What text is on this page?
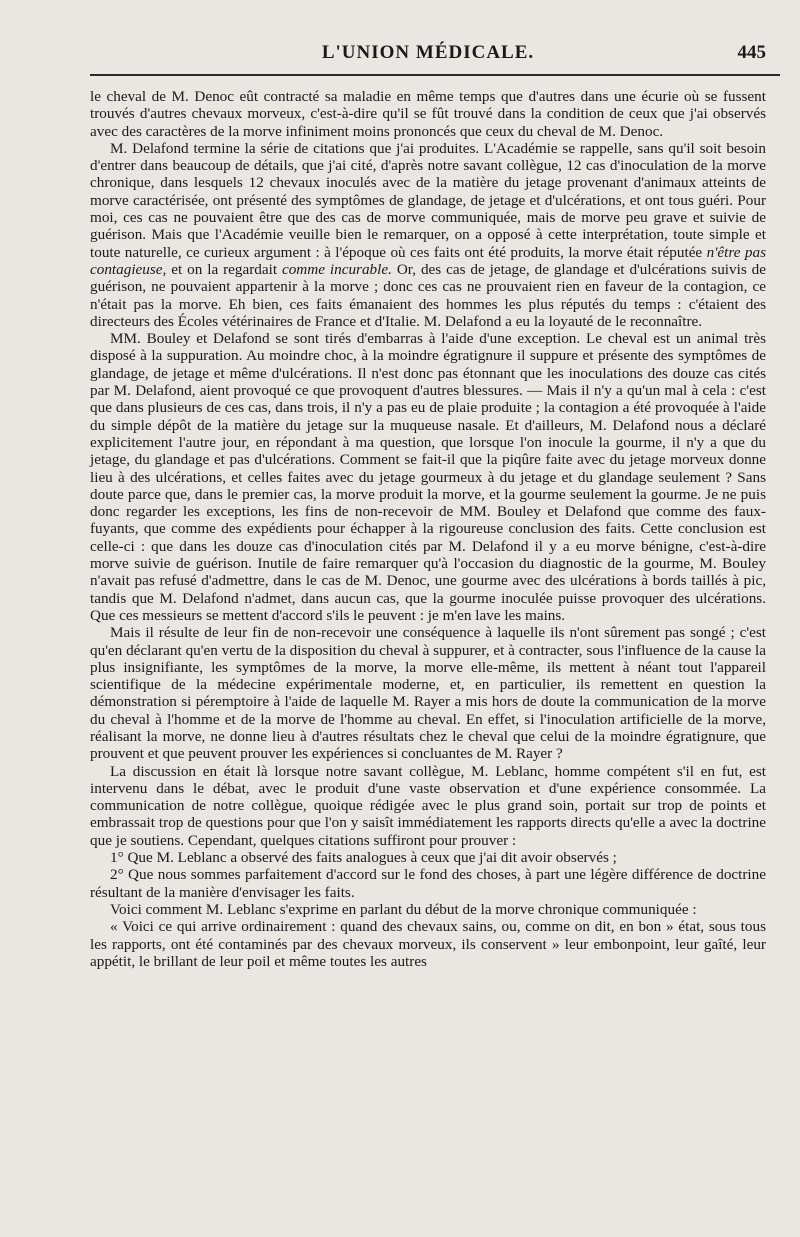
L'UNION MÉDICALE.	445

le cheval de M. Denoc eût contracté sa maladie en même temps que d'autres dans une écurie où se fussent trouvés d'autres chevaux morveux, c'est-à-dire qu'il se fût trouvé dans la condition de ceux que j'ai observés avec des caractères de la morve infiniment moins prononcés que ceux du cheval de M. Denoc.

M. Delafond termine la série de citations que j'ai produites. L'Académie se rappelle, sans qu'il soit besoin d'entrer dans beaucoup de détails, que j'ai cité, d'après notre savant collègue, 12 cas d'inoculation de la morve chronique, dans lesquels 12 chevaux inoculés avec de la matière du jetage provenant d'animaux atteints de morve caractérisée, ont présenté des symptômes de glandage, de jetage et d'ulcérations, et ont tous guéri. Pour moi, ces cas ne pouvaient être que des cas de morve communiquée, mais de morve peu grave et suivie de guérison. Mais que l'Académie veuille bien le remarquer, on a opposé à cette interprétation, toute simple et toute naturelle, ce curieux argument : à l'époque où ces faits ont été produits, la morve était réputée n'être pas contagieuse, et on la regardait comme incurable. Or, des cas de jetage, de glandage et d'ulcérations suivis de guérison, ne pouvaient appartenir à la morve ; donc ces cas ne prouvaient rien en faveur de la contagion, ce n'était pas la morve. Eh bien, ces faits émanaient des hommes les plus réputés du temps : c'étaient des directeurs des Écoles vétérinaires de France et d'Italie. M. Delafond a eu la loyauté de le reconnaître.

MM. Bouley et Delafond se sont tirés d'embarras à l'aide d'une exception. Le cheval est un animal très disposé à la suppuration. Au moindre choc, à la moindre égratignure il suppure et présente des symptômes de glandage, de jetage et même d'ulcérations. Il n'est donc pas étonnant que les inoculations des douze cas cités par M. Delafond, aient provoqué ce que provoquent d'autres blessures. — Mais il n'y a qu'un mal à cela : c'est que dans plusieurs de ces cas, dans trois, il n'y a pas eu de plaie produite ; la contagion a été provoquée à l'aide du simple dépôt de la matière du jetage sur la muqueuse nasale. Et d'ailleurs, M. Delafond nous a déclaré explicitement l'autre jour, en répondant à ma question, que lorsque l'on inocule la gourme, il n'y a que du jetage, du glandage et pas d'ulcérations. Comment se fait-il que la piqûre faite avec du jetage morveux donne lieu à des ulcérations, et celles faites avec du jetage gourmeux à du jetage et du glandage seulement ? Sans doute parce que, dans le premier cas, la morve produit la morve, et la gourme seulement la gourme. Je ne puis donc regarder les exceptions, les fins de non-recevoir de MM. Bouley et Delafond que comme des faux-fuyants, que comme des expédients pour échapper à la rigoureuse conclusion des faits. Cette conclusion est celle-ci : que dans les douze cas d'inoculation cités par M. Delafond il y a eu morve bénigne, c'est-à-dire morve suivie de guérison. Inutile de faire remarquer qu'à l'occasion du diagnostic de la gourme, M. Bouley n'avait pas refusé d'admettre, dans le cas de M. Denoc, une gourme avec des ulcérations à bords taillés à pic, tandis que M. Delafond n'admet, dans aucun cas, que la gourme inoculée puisse provoquer des ulcérations. Que ces messieurs se mettent d'accord s'ils le peuvent : je m'en lave les mains.

Mais il résulte de leur fin de non-recevoir une conséquence à laquelle ils n'ont sûrement pas songé ; c'est qu'en déclarant qu'en vertu de la disposition du cheval à suppurer, et à contracter, sous l'influence de la cause la plus insignifiante, les symptômes de la morve, la morve elle-même, ils mettent à néant tout l'appareil scientifique de la médecine expérimentale moderne, et, en particulier, ils remettent en question la démonstration si péremptoire à l'aide de laquelle M. Rayer a mis hors de doute la communication de la morve du cheval à l'homme et de la morve de l'homme au cheval. En effet, si l'inoculation artificielle de la morve, réalisant la morve, ne donne lieu à d'autres résultats chez le cheval que celui de la moindre égratignure, que prouvent et que peuvent prouver les expériences si concluantes de M. Rayer ?

La discussion en était là lorsque notre savant collègue, M. Leblanc, homme compétent s'il en fut, est intervenu dans le débat, avec le produit d'une vaste observation et d'une expérience consommée. La communication de notre collègue, quoique rédigée avec le plus grand soin, portait sur trop de points et embrassait trop de questions pour que l'on y saisît immédiatement les rapports directs qu'elle a avec la doctrine que je soutiens. Cependant, quelques citations suffiront pour prouver :

1° Que M. Leblanc a observé des faits analogues à ceux que j'ai dit avoir observés ;

2° Que nous sommes parfaitement d'accord sur le fond des choses, à part une légère différence de doctrine résultant de la manière d'envisager les faits.

Voici comment M. Leblanc s'exprime en parlant du début de la morve chronique communiquée :

« Voici ce qui arrive ordinairement : quand des chevaux sains, ou, comme on dit, en bon » état, sous tous les rapports, ont été contaminés par des chevaux morveux, ils conservent » leur embonpoint, leur gaîté, leur appétit, le brillant de leur poil et même toutes les autres
